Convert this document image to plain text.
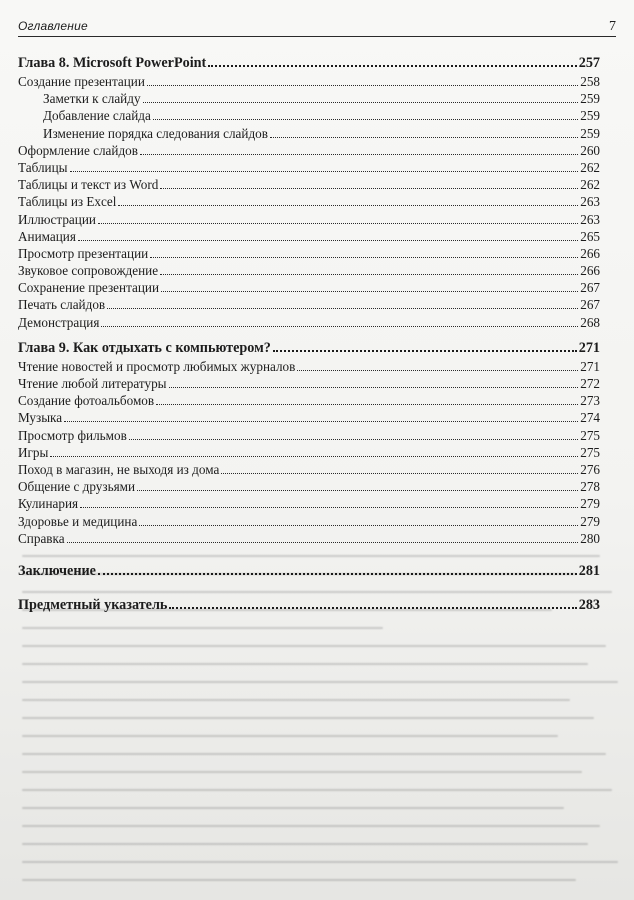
Оглавление	7
Глава 8. Microsoft PowerPoint	257
Создание презентации	258
Заметки к слайду	259
Добавление слайда	259
Изменение порядка следования слайдов	259
Оформление слайдов	260
Таблицы	262
Таблицы и текст из Word	262
Таблицы из Excel	263
Иллюстрации	263
Анимация	265
Просмотр презентации	266
Звуковое сопровождение	266
Сохранение презентации	267
Печать слайдов	267
Демонстрация	268
Глава 9. Как отдыхать с компьютером?	271
Чтение новостей и просмотр любимых журналов	271
Чтение любой литературы	272
Создание фотоальбомов	273
Музыка	274
Просмотр фильмов	275
Игры	275
Поход в магазин, не выходя из дома	276
Общение с друзьями	278
Кулинария	279
Здоровье и медицина	279
Справка	280
Заключение	281
Предметный указатель	283
